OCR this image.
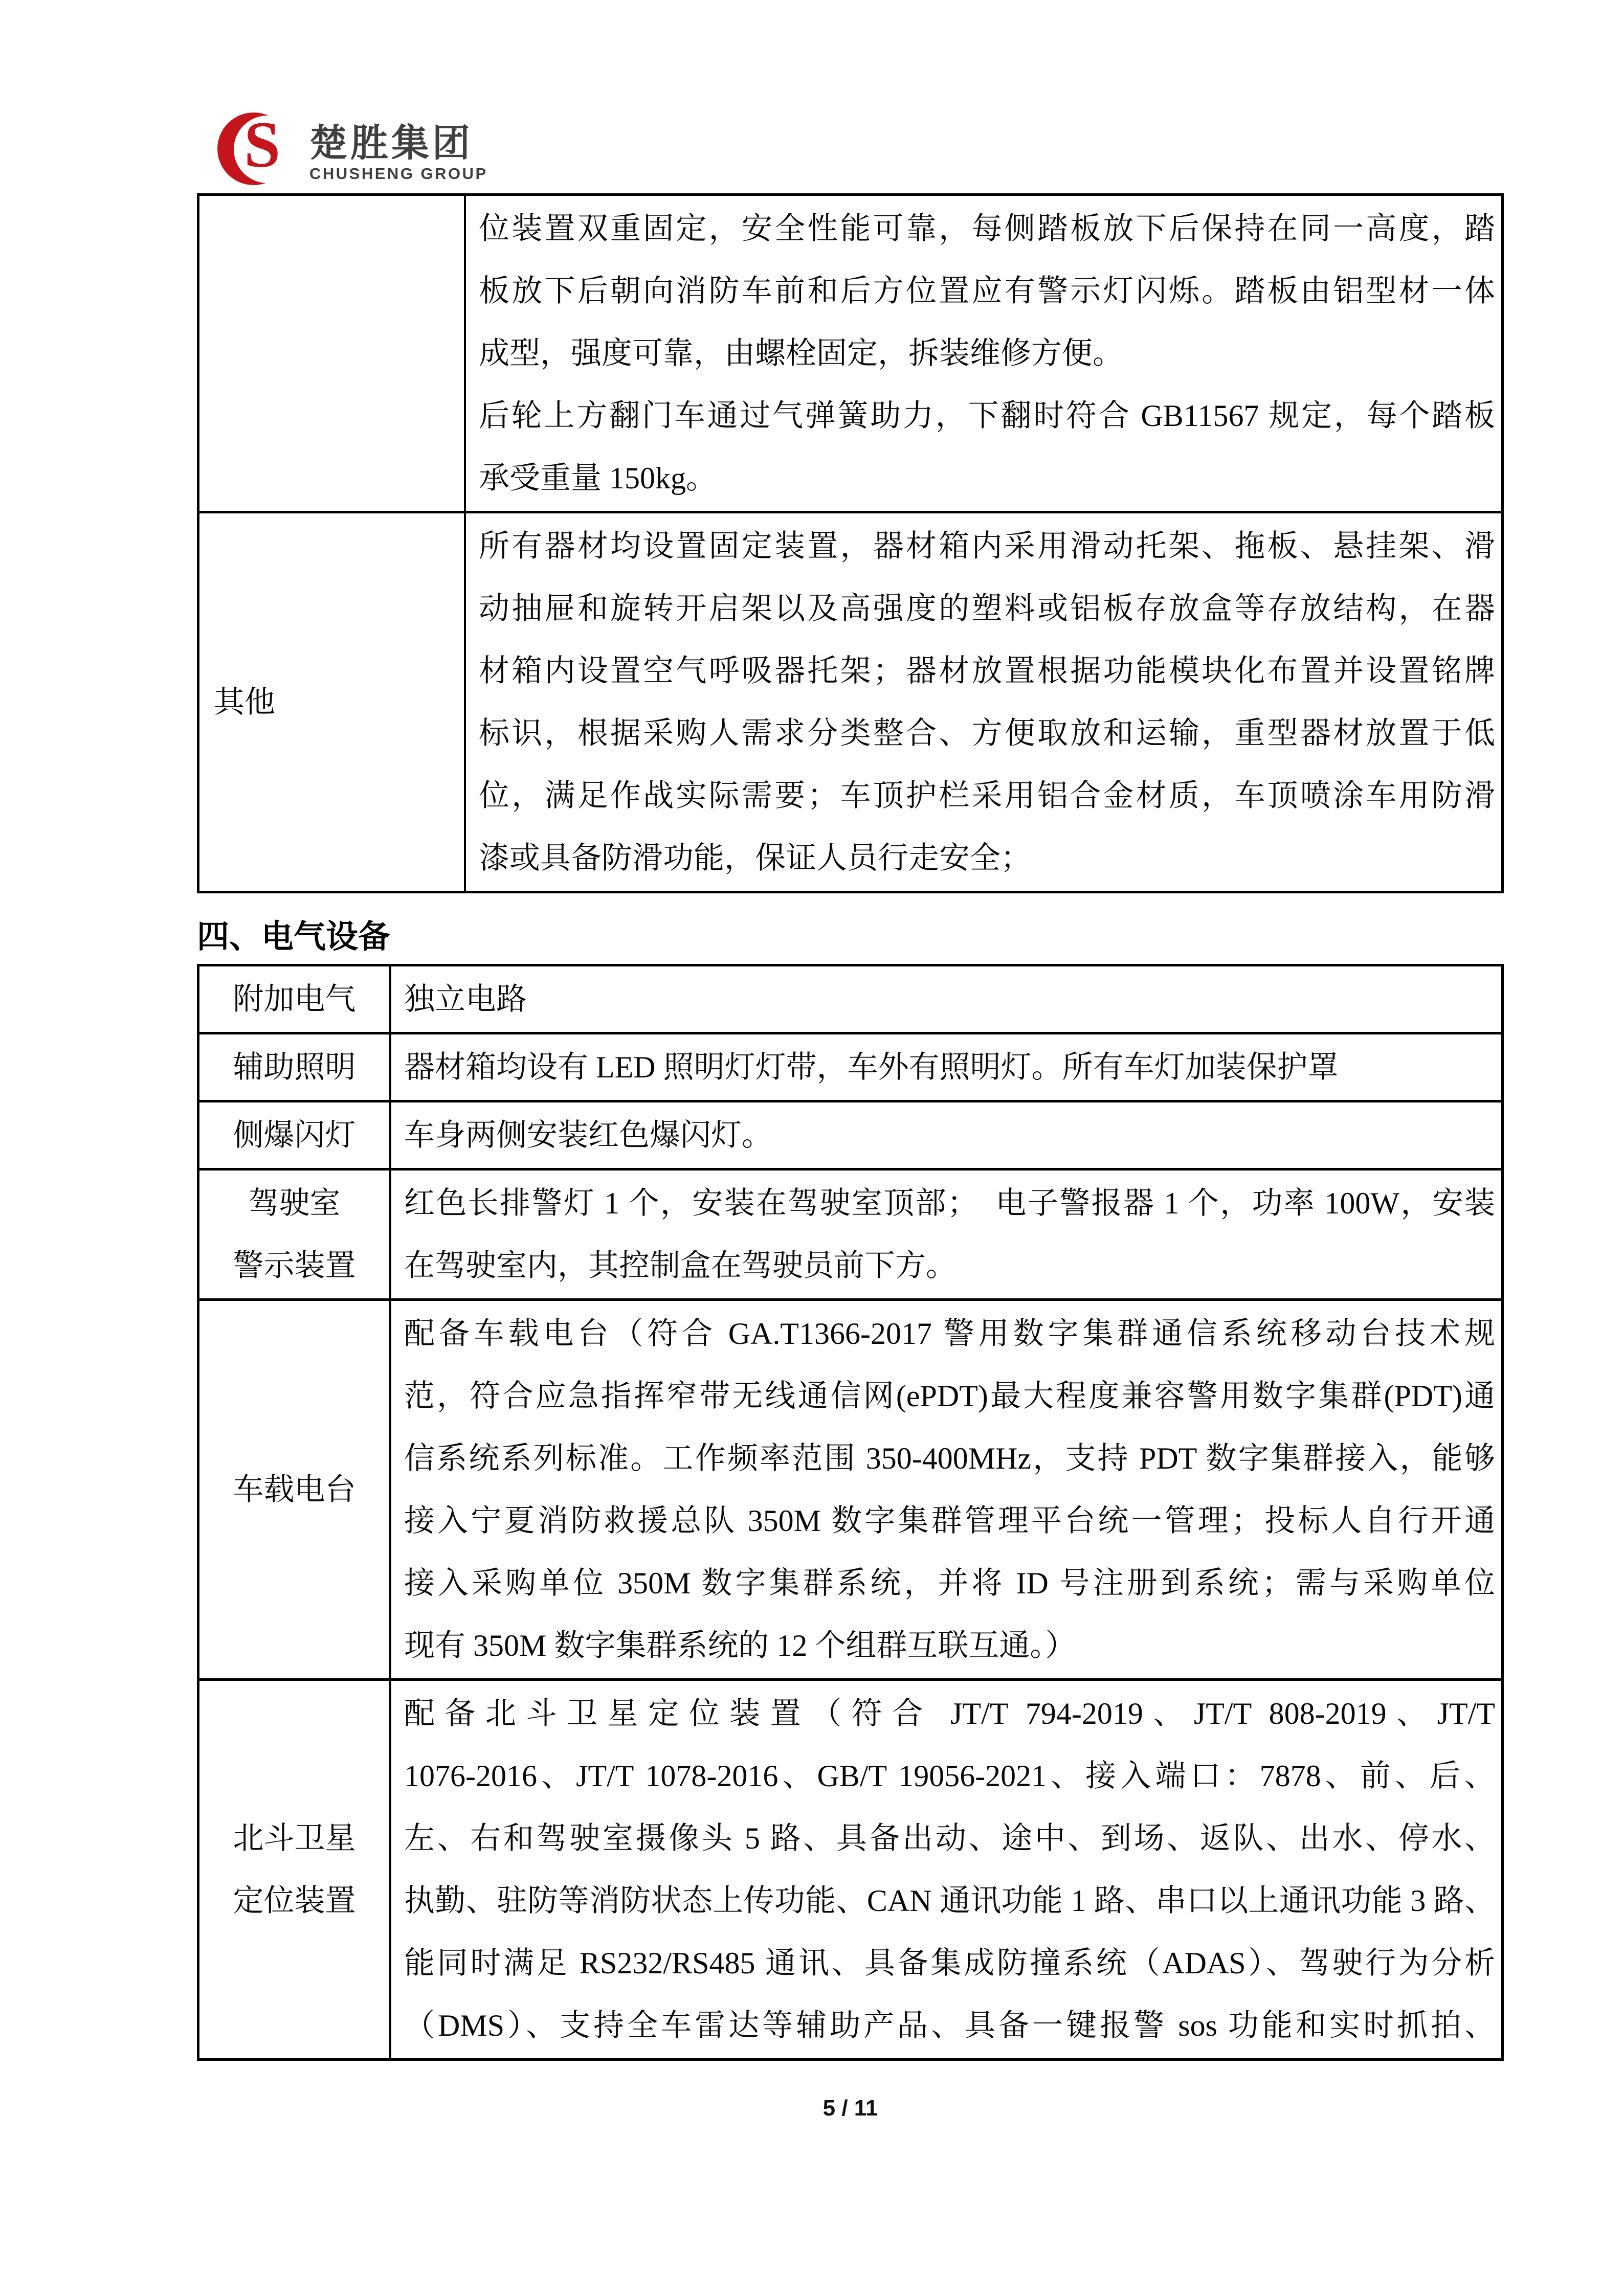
S 楚胜集团
CHUSHENG GROUP
位装置双重固定，安全性能可靠，每侧踏板放下后保持在同一高度，踏
板放下后朝向消防车前和后方位置应有警示灯闪烁。踏板由铝型材一体
成型，强度可靠，由螺栓固定，拆装维修方便。
后轮上方翻门车通过气弹簧助力，下翻时符合 GB11567 规定，每个踏板
承受重量 150kg。
其他
所有器材均设置固定装置，器材箱内采用滑动托架、拖板、悬挂架、滑
动抽屉和旋转开启架以及高强度的塑料或铝板存放盒等存放结构，在器
材箱内设置空气呼吸器托架；器材放置根据功能模块化布置并设置铭牌
标识，根据采购人需求分类整合、方便取放和运输，重型器材放置于低
位，满足作战实际需要；车顶护栏采用铝合金材质，车顶喷涂车用防滑
漆或具备防滑功能，保证人员行走安全；
四、电气设备
附加电气 独立电路
辅助照明 器材箱均设有 LED 照明灯灯带，车外有照明灯。所有车灯加装保护罩
侧爆闪灯 车身两侧安装红色爆闪灯。
驾驶室
警示装置
红色长排警灯 1 个，安装在驾驶室顶部；　电子警报器 1 个，功率 100W，安装
在驾驶室内，其控制盒在驾驶员前下方。
车载电台
配备车载电台（符合 GA.T1366-2017 警用数字集群通信系统移动台技术规
范，符合应急指挥窄带无线通信网(ePDT)最大程度兼容警用数字集群(PDT)通
信系统系列标准。工作频率范围 350-400MHz，支持 PDT 数字集群接入，能够
接入宁夏消防救援总队 350M 数字集群管理平台统一管理；投标人自行开通
接入采购单位 350M 数字集群系统，并将 ID 号注册到系统；需与采购单位
现有 350M 数字集群系统的 12 个组群互联互通。）
北斗卫星
定位装置
配备北斗卫星定位装置（符合 JT/T 794-2019、JT/T 808-2019、JT/T
1076-2016、JT/T 1078-2016、GB/T 19056-2021、接入端口：7878、前、后、
左、右和驾驶室摄像头 5 路、具备出动、途中、到场、返队、出水、停水、
执勤、驻防等消防状态上传功能、CAN 通讯功能 1 路、串口以上通讯功能 3 路、
能同时满足 RS232/RS485 通讯、具备集成防撞系统（ADAS）、驾驶行为分析
（DMS）、支持全车雷达等辅助产品、具备一键报警 sos 功能和实时抓拍、
5 / 11
